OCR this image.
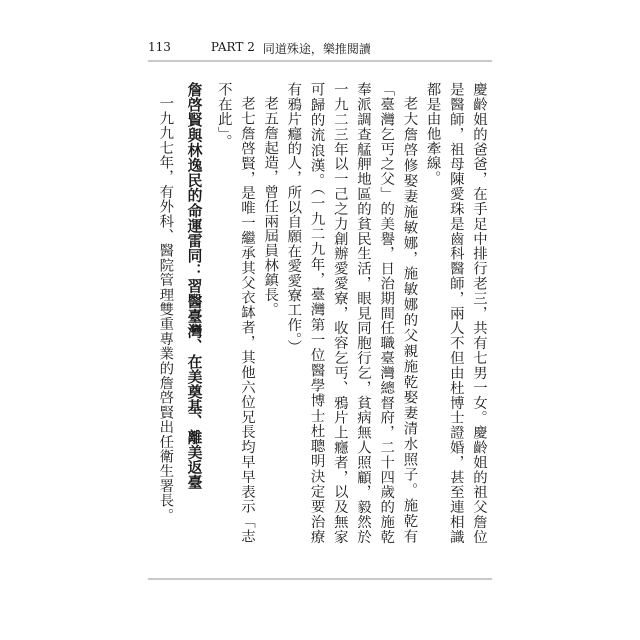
113	PART 2 同道殊途，樂推閱讀

慶齡姐的爸爸，在手足中排行老三，共有七男一女。慶齡姐的祖父詹位是醫師，祖母陳愛珠是齒科醫師，兩人不但由杜博士證婚，甚至連相識都是由他牽線。

老大詹啓修娶妻施敏娜，施敏娜的父親施乾娶妻清水照子。施乾有「臺灣乞丐之父」的美譽，日治期間任職臺灣總督府，二十四歲的施乾奉派調查艋舺地區的貧民生活，眼見同胞行乞，貧病無人照顧，毅然於一九二三年以一己之力創辦愛愛寮，收容乞丐、鴉片上癮者，以及無家可歸的流浪漢。（一九二九年，臺灣第一位醫學博士杜聰明決定要治療有鴉片癮的人，所以自願在愛愛寮工作。）

老五詹起造，曾任兩屆員林鎮長。

老七詹啓賢，是唯一繼承其父衣缽者，其他六位兄長均早早表示「志不在此」。

詹啓賢與林逸民的命運雷同：習醫臺灣、在美奠基、離美返臺

一九九七年，有外科、醫院管理雙重專業的詹啓賢出任衛生署長。
